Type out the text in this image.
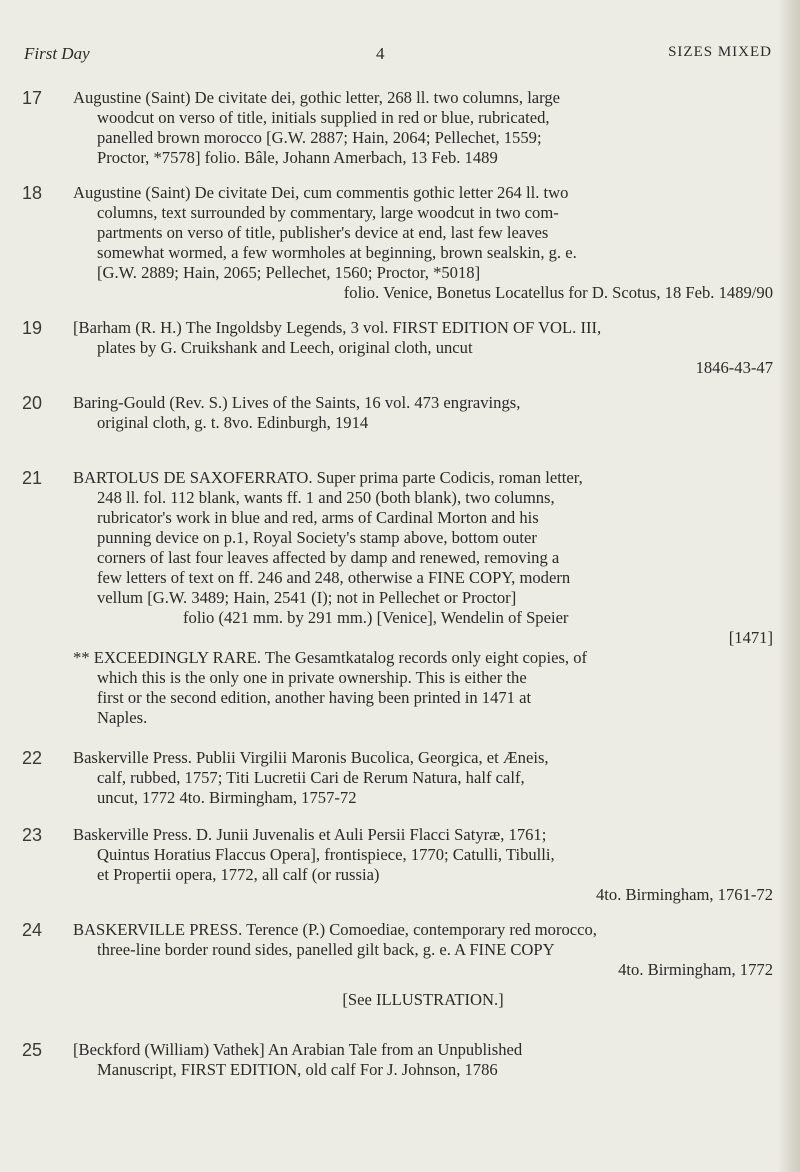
First Day	4	SIZES MIXED
17	Augustine (Saint) De civitate dei, gothic letter, 268 ll. two columns, large
woodcut on verso of title, initials supplied in red or blue, rubricated,
panelled brown morocco [G.W. 2887; Hain, 2064; Pellechet, 1559;
Proctor, *7578] folio. Bâle, Johann Amerbach, 13 Feb. 1489
18	Augustine (Saint) De civitate Dei, cum commentis gothic letter 264 ll. two
columns, text surrounded by commentary, large woodcut in two com-
partments on verso of title, publisher's device at end, last few leaves
somewhat wormed, a few wormholes at beginning, brown sealskin, g. e.
[G.W. 2889; Hain, 2065; Pellechet, 1560; Proctor, *5018]
folio. Venice, Bonetus Locatellus for D. Scotus, 18 Feb. 1489/90
19	[Barham (R. H.) The Ingoldsby Legends, 3 vol. FIRST EDITION OF VOL. III,
plates by G. Cruikshank and Leech, original cloth, uncut
1846-43-47
20	Baring-Gould (Rev. S.) Lives of the Saints, 16 vol. 473 engravings,
original cloth, g. t. 8vo. Edinburgh, 1914
21	BARTOLUS DE SAXOFERRATO. Super prima parte Codicis, roman letter,
248 ll. fol. 112 blank, wants ff. 1 and 250 (both blank), two columns,
rubricator's work in blue and red, arms of Cardinal Morton and his
punning device on p.1, Royal Society's stamp above, bottom outer
corners of last four leaves affected by damp and renewed, removing a
few letters of text on ff. 246 and 248, otherwise a FINE COPY, modern
vellum [G.W. 3489; Hain, 2541 (I); not in Pellechet or Proctor]
folio (421 mm. by 291 mm.) [Venice], Wendelin of Speier
[1471]
** EXCEEDINGLY RARE. The Gesamtkatalog records only eight copies, of
which this is the only one in private ownership. This is either the
first or the second edition, another having been printed in 1471 at
Naples.
22	Baskerville Press. Publii Virgilii Maronis Bucolica, Georgica, et Æneis,
calf, rubbed, 1757; Titi Lucretii Cari de Rerum Natura, half calf,
uncut, 1772 4to. Birmingham, 1757-72
23	Baskerville Press. D. Junii Juvenalis et Auli Persii Flacci Satyræ, 1761;
Quintus Horatius Flaccus Opera], frontispiece, 1770; Catulli, Tibulli,
et Propertii opera, 1772, all calf (or russia)
4to. Birmingham, 1761-72
24	BASKERVILLE PRESS. Terence (P.) Comoediae, contemporary red morocco,
three-line border round sides, panelled gilt back, g. e. A FINE COPY
4to. Birmingham, 1772
[See ILLUSTRATION.]
25	[Beckford (William) Vathek] An Arabian Tale from an Unpublished
Manuscript, FIRST EDITION, old calf For J. Johnson, 1786
